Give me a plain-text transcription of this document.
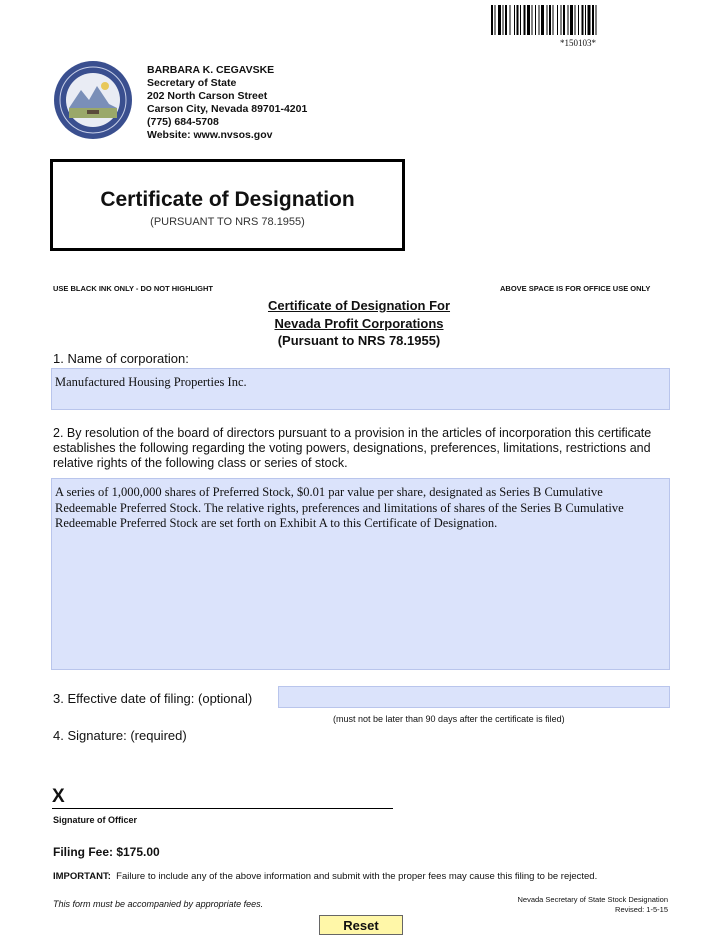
*150103*
BARBARA K. CEGAVSKE
Secretary of State
202 North Carson Street
Carson City, Nevada 89701-4201
(775) 684-5708
Website: www.nvsos.gov
Certificate of Designation
(PURSUANT TO NRS 78.1955)
USE BLACK INK ONLY - DO NOT HIGHLIGHT	ABOVE SPACE IS FOR OFFICE USE ONLY
Certificate of Designation For
Nevada Profit Corporations
(Pursuant to NRS 78.1955)
1. Name of corporation:
Manufactured Housing Properties Inc.
2. By resolution of the board of directors pursuant to a provision in the articles of incorporation this certificate establishes the following regarding the voting powers, designations, preferences, limitations, restrictions and relative rights of the following class or series of stock.
A series of 1,000,000 shares of Preferred Stock, $0.01 par value per share, designated as Series B Cumulative Redeemable Preferred Stock. The relative rights, preferences and limitations of shares of the Series B Cumulative Redeemable Preferred Stock are set forth on Exhibit A to this Certificate of Designation.
3. Effective date of filing: (optional)
(must not be later than 90 days after the certificate is filed)
4. Signature: (required)
X
Signature of Officer
Filing Fee: $175.00
IMPORTANT:  Failure to include any of the above information and submit with the proper fees may cause this filing to be rejected.
This form must be accompanied by appropriate fees.	Nevada Secretary of State Stock Designation
Revised: 1-5-15
Reset
